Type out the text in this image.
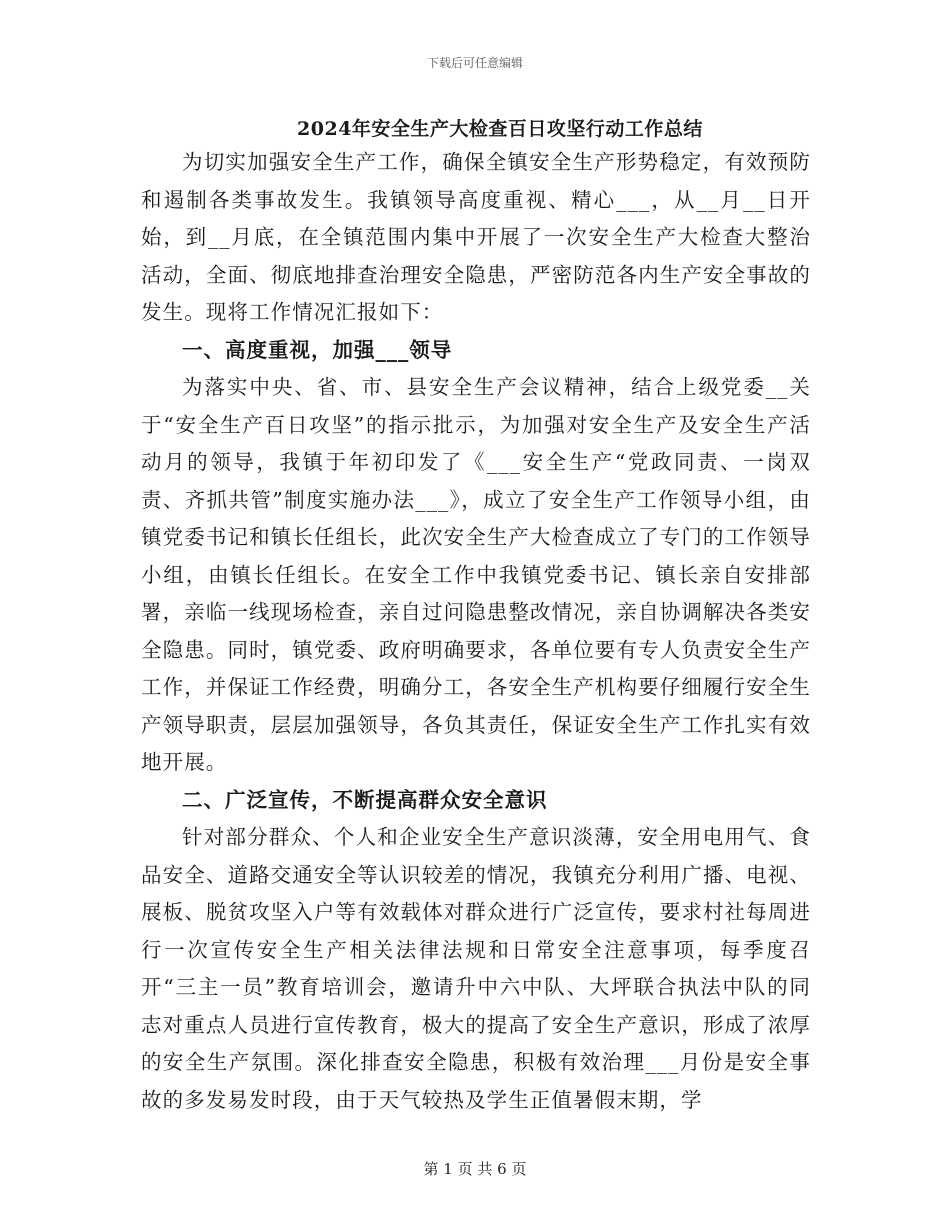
下载后可任意编辑
2024年安全生产大检查百日攻坚行动工作总结

为切实加强安全生产工作，确保全镇安全生产形势稳定，有效预防和遏制各类事故发生。我镇领导高度重视、精心___，从__月__日开始，到__月底，在全镇范围内集中开展了一次安全生产大检查大整治活动，全面、彻底地排查治理安全隐患，严密防范各内生产安全事故的发生。现将工作情况汇报如下：

一、高度重视，加强___领导

为落实中央、省、市、县安全生产会议精神，结合上级党委__关于“安全生产百日攻坚”的指示批示，为加强对安全生产及安全生产活动月的领导，我镇于年初印发了《___安全生产“党政同责、一岗双责、齐抓共管”制度实施办法___》，成立了安全生产工作领导小组，由镇党委书记和镇长任组长，此次安全生产大检查成立了专门的工作领导小组，由镇长任组长。在安全工作中我镇党委书记、镇长亲自安排部署，亲临一线现场检查，亲自过问隐患整改情况，亲自协调解决各类安全隐患。同时，镇党委、政府明确要求，各单位要有专人负责安全生产工作，并保证工作经费，明确分工，各安全生产机构要仔细履行安全生产领导职责，层层加强领导，各负其责任，保证安全生产工作扎实有效地开展。

二、广泛宣传，不断提高群众安全意识

针对部分群众、个人和企业安全生产意识淡薄，安全用电用气、食品安全、道路交通安全等认识较差的情况，我镇充分利用广播、电视、展板、脱贫攻坚入户等有效载体对群众进行广泛宣传，要求村社每周进行一次宣传安全生产相关法律法规和日常安全注意事项，每季度召开“三主一员”教育培训会，邀请升中六中队、大坪联合执法中队的同志对重点人员进行宣传教育，极大的提高了安全生产意识，形成了浓厚的安全生产氛围。深化排查安全隐患，积极有效治理___月份是安全事故的多发易发时段，由于天气较热及学生正值暑假末期，学

第 1 页 共 6 页
